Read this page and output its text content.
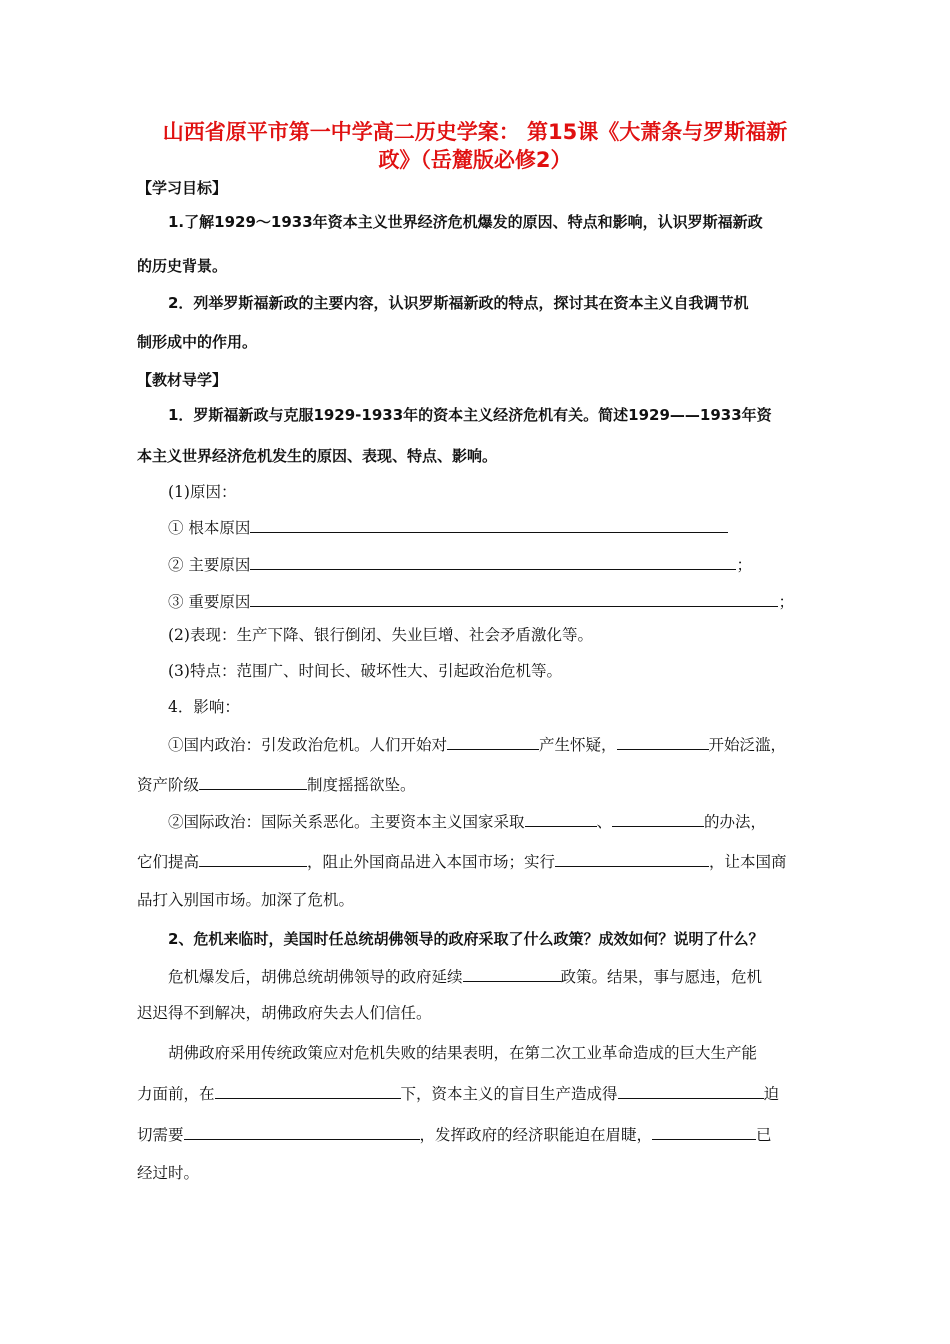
山西省原平市第一中学高二历史学案： 第15课《大萧条与罗斯福新
政》（岳麓版必修2）
【学习目标】
1.了解1929～1933年资本主义世界经济危机爆发的原因、特点和影响，认识罗斯福新政
的历史背景。
2．列举罗斯福新政的主要内容，认识罗斯福新政的特点，探讨其在资本主义自我调节机
制形成中的作用。
【教材导学】
1．罗斯福新政与克服1929-1933年的资本主义经济危机有关。简述1929——1933年资
本主义世界经济危机发生的原因、表现、特点、影响。
(1)原因：
① 根本原因
② 主要原因	；
③ 重要原因	；
(2)表现：生产下降、银行倒闭、失业巨增、社会矛盾激化等。
(3)特点：范围广、时间长、破坏性大、引起政治危机等。
4．影响：
①国内政治：引发政治危机。人们开始对	产生怀疑，	开始泛滥，
资产阶级	制度摇摇欲坠。
②国际政治：国际关系恶化。主要资本主义国家采取	、	的办法，
它们提高	，阻止外国商品进入本国市场；实行	，让本国商
品打入别国市场。加深了危机。
2、危机来临时，美国时任总统胡佛领导的政府采取了什么政策？成效如何？说明了什么？
危机爆发后，胡佛总统胡佛领导的政府延续	政策。结果，事与愿违，危机
迟迟得不到解决，胡佛政府失去人们信任。
胡佛政府采用传统政策应对危机失败的结果表明，在第二次工业革命造成的巨大生产能
力面前，在	下，资本主义的盲目生产造成得	迫
切需要	，发挥政府的经济职能迫在眉睫，	已
经过时。
